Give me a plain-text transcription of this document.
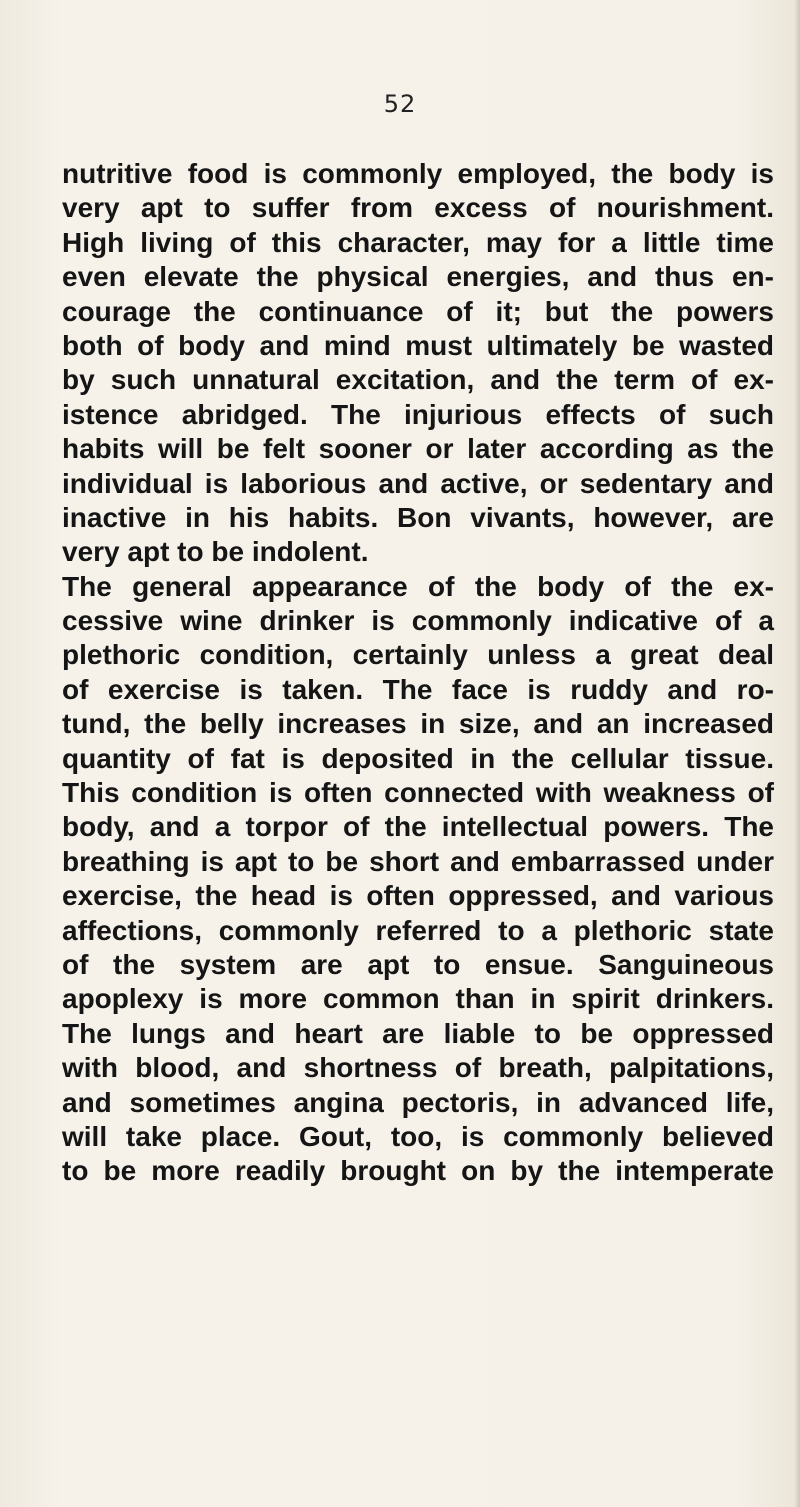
52
nutritive food is commonly employed, the body is
very apt to suffer from excess of nourishment.
High living of this character, may for a little time
even elevate the physical energies, and thus en-
courage the continuance of it; but the powers
both of body and mind must ultimately be wasted
by such unnatural excitation, and the term of ex-
istence abridged. The injurious effects of such
habits will be felt sooner or later according as the
individual is laborious and active, or sedentary and
inactive in his habits. Bon vivants, however, are
very apt to be indolent.
The general appearance of the body of the ex-
cessive wine drinker is commonly indicative of a
plethoric condition, certainly unless a great deal
of exercise is taken. The face is ruddy and ro-
tund, the belly increases in size, and an increased
quantity of fat is deposited in the cellular tissue.
This condition is often connected with weakness of
body, and a torpor of the intellectual powers. The
breathing is apt to be short and embarrassed under
exercise, the head is often oppressed, and various
affections, commonly referred to a plethoric state
of the system are apt to ensue. Sanguineous
apoplexy is more common than in spirit drinkers.
The lungs and heart are liable to be oppressed
with blood, and shortness of breath, palpitations,
and sometimes angina pectoris, in advanced life,
will take place. Gout, too, is commonly believed
to be more readily brought on by the intemperate
